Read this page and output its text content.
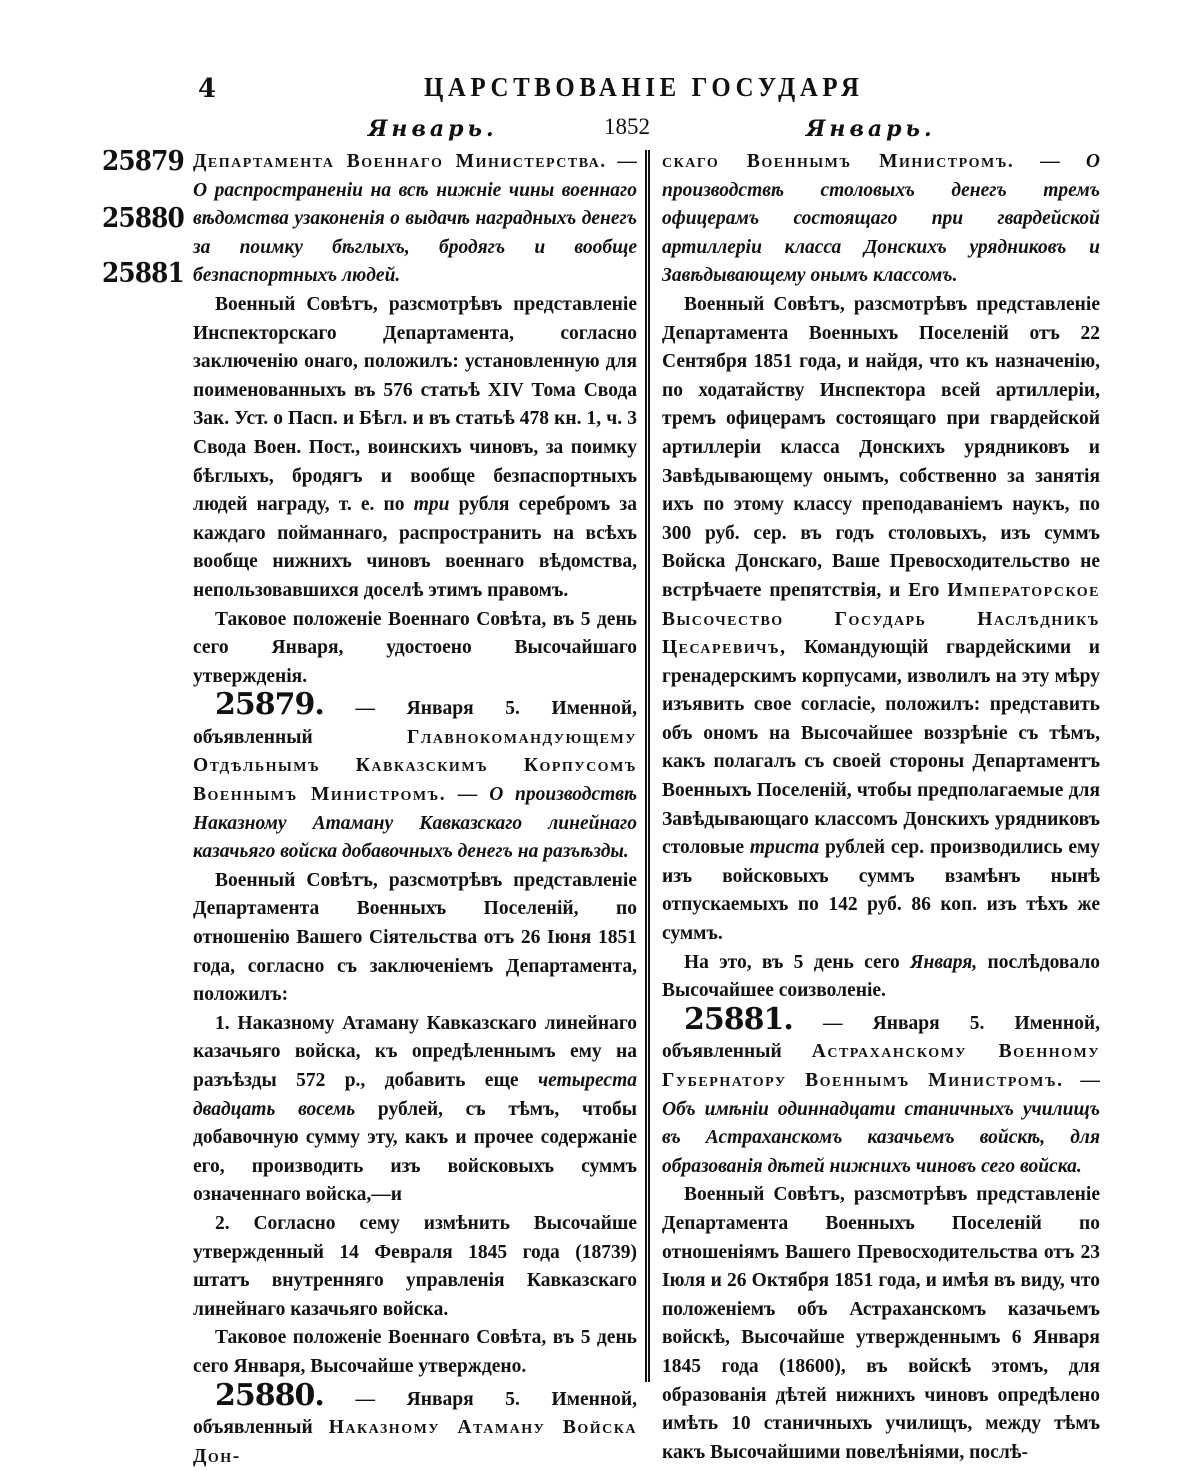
4	ЦАРСТВОВАНІЕ ГОСУДАРЯ
Январь.	1852	Январь.
25879
25880
25881

Департамента Военнаго Министерства. — О распространеніи на всѣ нижніе чины военнаго вѣдомства узаконенія о выдачѣ наградныхъ денегъ за поимку бѣглыхъ, бродягъ и вообще безпаспортныхъ людей.

Военный Совѣтъ, разсмотрѣвъ представленіе Инспекторскаго Департамента, согласно заключенію онаго, положилъ: установленную для поименованныхъ въ 576 статьѣ XIV Тома Свода Зак. Уст. о Пасп. и Бѣгл. и въ статьѣ 478 кн. 1, ч. 3 Свода Воен. Пост., воинскихъ чиновъ, за поимку бѣглыхъ, бродягъ и вообще безпаспортныхъ людей награду, т. е. по три рубля серебромъ за каждаго пойманнаго, распространить на всѣхъ вообще нижнихъ чиновъ военнаго вѣдомства, непользовавшихся доселѣ этимъ правомъ.

Таковое положеніе Военнаго Совѣта, въ 5 день сего Января, удостоено Высочайшаго утвержденія.

25879. — Января 5. Именной, объявленный	Главнокомандующему Отдѣльнымъ Кавказскимъ Корпусомъ Военнымъ Министромъ. — О производствѣ Наказному Атаману Кавказскаго линейнаго казачьяго войска добавочныхъ денегъ на разъѣзды.

Военный Совѣтъ, разсмотрѣвъ представленіе Департамента Военныхъ Поселеній, по отношенію Вашего Сіятельства отъ 26 Іюня 1851 года, согласно съ заключеніемъ Департамента, положилъ:

1. Наказному Атаману Кавказскаго линейнаго казачьяго войска, къ опредѣленнымъ ему на разъѣзды 572 р., добавить еще четыреста двадцать восемь рублей, съ тѣмъ, чтобы добавочную сумму эту, какъ и прочее содержаніе его, производить изъ войсковыхъ суммъ означеннаго войска,—и

2. Согласно сему измѣнить Высочайше утвержденный 14 Февраля 1845 года (18739) штатъ внутренняго управленія Кавказскаго линейнаго казачьяго войска.

Таковое положеніе Военнаго Совѣта, въ 5 день сего Января, Высочайше утверждено.

25880. — Января 5. Именной, объявленный Наказному Атаману Войска Дон-

скаго Военнымъ Министромъ. — О производствѣ столовыхъ денегъ тремъ офицерамъ состоящаго при гвардейской артиллеріи класса Донскихъ урядниковъ и Завѣдывающему онымъ классомъ.

Военный Совѣтъ, разсмотрѣвъ представленіе Департамента Военныхъ Поселеній отъ 22 Сентября 1851 года, и найдя, что къ назначенію, по ходатайству Инспектора всей артиллеріи, тремъ офицерамъ состоящаго при гвардейской артиллеріи класса Донскихъ урядниковъ и Завѣдывающему онымъ, собственно за занятія ихъ по этому классу преподаваніемъ наукъ, по 300 руб. сер. въ годъ столовыхъ, изъ суммъ Войска Донскаго, Ваше Превосходительство не встрѣчаете препятствія, и Его Императорское Высочество Государь Наслѣдникъ Цесаревичъ, Командующій гвардейскими и гренадерскимъ корпусами, изволилъ на эту мѣру изъявить свое согласіе, положилъ: представить объ ономъ на Высочайшее воззрѣніе съ тѣмъ, какъ полагалъ съ своей стороны Департаментъ Военныхъ Поселеній, чтобы предполагаемые для Завѣдывающаго классомъ Донскихъ урядниковъ столовые триста рублей сер. производились ему изъ войсковыхъ суммъ взамѣнъ нынѣ отпускаемыхъ по 142 руб. 86 коп. изъ тѣхъ же суммъ.

На это, въ 5 день сего Января, послѣдовало Высочайшее соизволеніе.

25881. — Января 5. Именной, объявленный Астраханскому Военному Губернатору Военнымъ Министромъ. — Объ имѣніи одиннадцати станичныхъ училищъ въ Астраханскомъ казачьемъ войскѣ, для образованія дѣтей нижнихъ чиновъ сего войска.

Военный Совѣтъ, разсмотрѣвъ представленіе Департамента Военныхъ Поселеній по отношеніямъ Вашего Превосходительства отъ 23 Іюля и 26 Октября 1851 года, и имѣя въ виду, что положеніемъ объ Астраханскомъ казачьемъ войскѣ, Высочайше утвержденнымъ 6 Января 1845 года (18600), въ войскѣ этомъ, для образованія дѣтей нижнихъ чиновъ опредѣлено имѣть 10 станичныхъ училищъ, между тѣмъ какъ Высочайшими повелѣніями, послѣ-
